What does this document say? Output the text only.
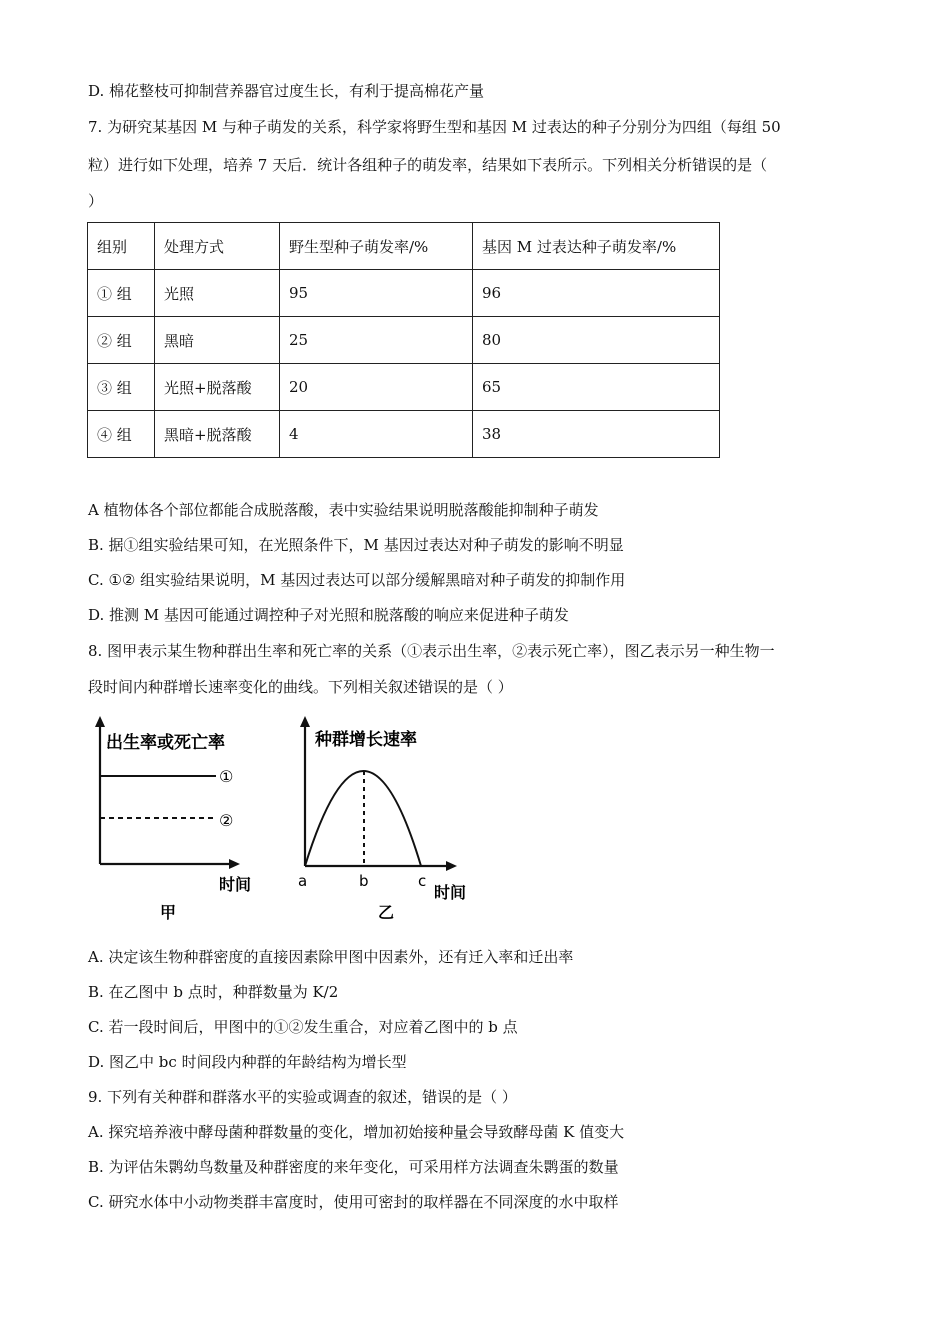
D. 棉花整枝可抑制营养器官过度生长，有利于提高棉花产量
7. 为研究某基因 M 与种子萌发的关系，科学家将野生型和基因 M 过表达的种子分别分为四组（每组 50
粒）进行如下处理，培养 7 天后．统计各组种子的萌发率，结果如下表所示。下列相关分析错误的是（
）
组别	处理方式	野生型种子萌发率/%	基因 M 过表达种子萌发率/%
① 组	光照	95	96
② 组	黑暗	25	80
③ 组	光照+脱落酸	20	65
④ 组	黑暗+脱落酸	4	38
A 植物体各个部位都能合成脱落酸，表中实验结果说明脱落酸能抑制种子萌发
B. 据①组实验结果可知，在光照条件下，M 基因过表达对种子萌发的影响不明显
C. ①② 组实验结果说明，M 基因过表达可以部分缓解黑暗对种子萌发的抑制作用
D. 推测 M 基因可能通过调控种子对光照和脱落酸的响应来促进种子萌发
8. 图甲表示某生物种群出生率和死亡率的关系（①表示出生率，②表示死亡率），图乙表示另一种生物一
段时间内种群增长速率变化的曲线。下列相关叙述错误的是（ ）
出生率或死亡率
①
②
时间
甲
种群增长速率
a	b	c
时间
乙
A. 决定该生物种群密度的直接因素除甲图中因素外，还有迁入率和迁出率
B. 在乙图中 b 点时，种群数量为 K/2
C. 若一段时间后，甲图中的①②发生重合，对应着乙图中的 b 点
D. 图乙中 bc 时间段内种群的年龄结构为增长型
9. 下列有关种群和群落水平的实验或调查的叙述，错误的是（ ）
A. 探究培养液中酵母菌种群数量的变化，增加初始接种量会导致酵母菌 K 值变大
B. 为评估朱鹮幼鸟数量及种群密度的来年变化，可采用样方法调查朱鹮蛋的数量
C. 研究水体中小动物类群丰富度时，使用可密封的取样器在不同深度的水中取样
